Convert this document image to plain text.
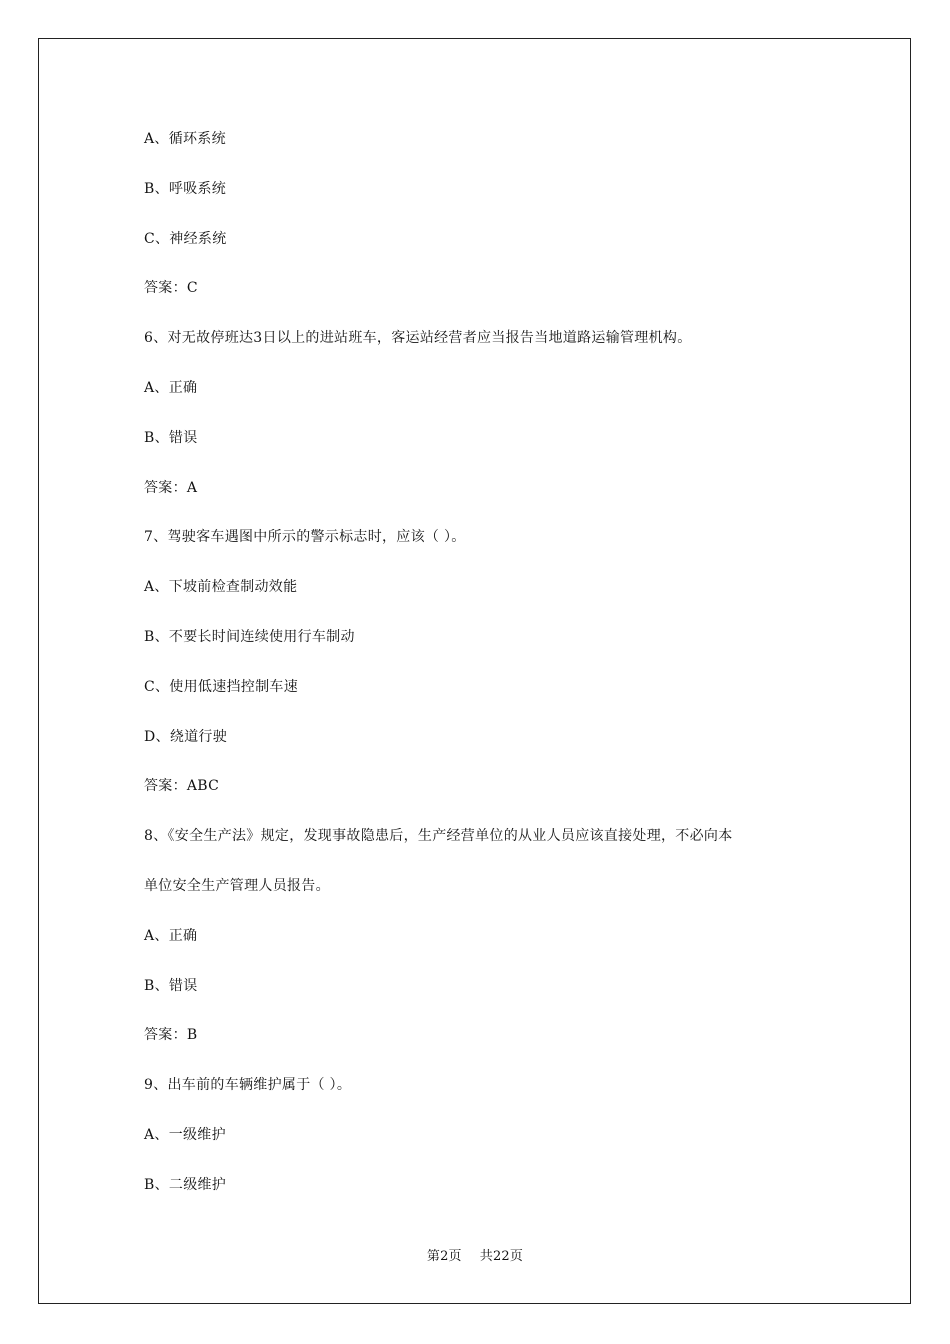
A、循环系统
B、呼吸系统
C、神经系统
答案：C
6、对无故停班达3日以上的进站班车，客运站经营者应当报告当地道路运输管理机构。
A、正确
B、错误
答案：A
7、驾驶客车遇图中所示的警示标志时，应该（ ）。
A、下坡前检查制动效能
B、不要长时间连续使用行车制动
C、使用低速挡控制车速
D、绕道行驶
答案：ABC
8、《安全生产法》规定，发现事故隐患后，生产经营单位的从业人员应该直接处理，不必向本
单位安全生产管理人员报告。
A、正确
B、错误
答案：B
9、出车前的车辆维护属于（ ）。
A、一级维护
B、二级维护
第2页 共22页
